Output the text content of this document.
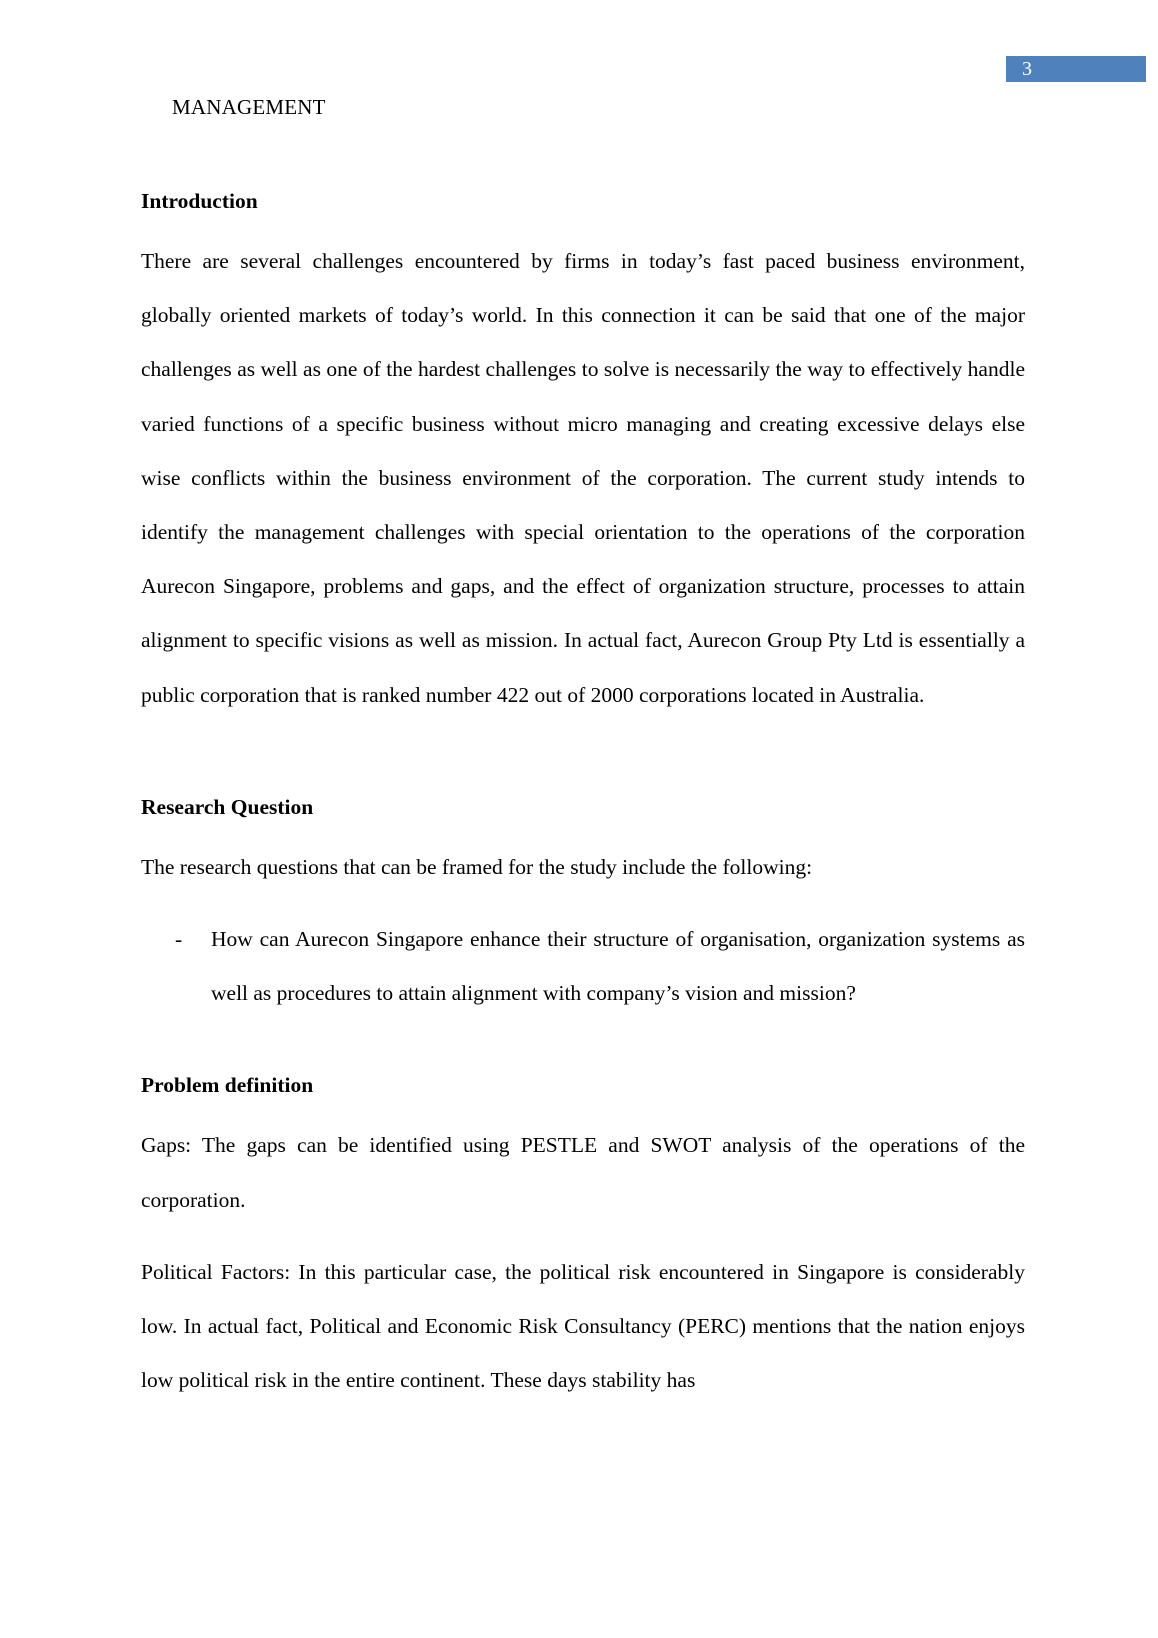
3
MANAGEMENT
Introduction

There are several challenges encountered by firms in today’s fast paced business environment, globally oriented markets of today’s world. In this connection it can be said that one of the major challenges as well as one of the hardest challenges to solve is necessarily the way to effectively handle varied functions of a specific business without micro managing and creating excessive delays else wise conflicts within the business environment of the corporation. The current study intends to identify the management challenges with special orientation to the operations of the corporation Aurecon Singapore, problems and gaps, and the effect of organization structure, processes to attain alignment to specific visions as well as mission. In actual fact, Aurecon Group Pty Ltd is essentially a public corporation that is ranked number 422 out of 2000 corporations located in Australia.

Research Question

The research questions that can be framed for the study include the following:

- How can Aurecon Singapore enhance their structure of organisation, organization systems as well as procedures to attain alignment with company’s vision and mission?
Problem definition

Gaps: The gaps can be identified using PESTLE and SWOT analysis of the operations of the corporation.

Political Factors: In this particular case, the political risk encountered in Singapore is considerably low. In actual fact, Political and Economic Risk Consultancy (PERC) mentions that the nation enjoys low political risk in the entire continent. These days stability has
